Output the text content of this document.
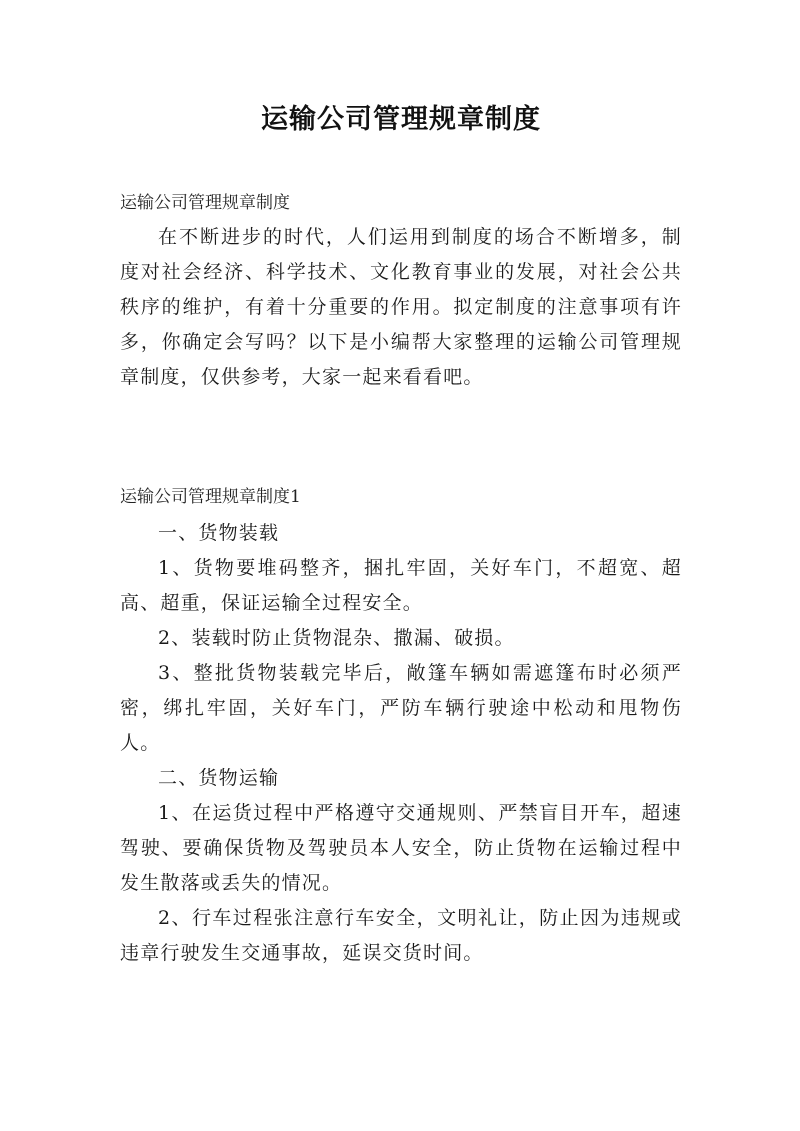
运输公司管理规章制度
运输公司管理规章制度

在不断进步的时代，人们运用到制度的场合不断增多，制度对社会经济、科学技术、文化教育事业的发展，对社会公共秩序的维护，有着十分重要的作用。拟定制度的注意事项有许多，你确定会写吗？以下是小编帮大家整理的运输公司管理规章制度，仅供参考，大家一起来看看吧。

运输公司管理规章制度1

一、货物装载

1、货物要堆码整齐，捆扎牢固，关好车门，不超宽、超高、超重，保证运输全过程安全。

2、装载时防止货物混杂、撒漏、破损。

3、整批货物装载完毕后，敞篷车辆如需遮篷布时必须严密，绑扎牢固，关好车门，严防车辆行驶途中松动和甩物伤人。

二、货物运输

1、在运货过程中严格遵守交通规则、严禁盲目开车，超速驾驶、要确保货物及驾驶员本人安全，防止货物在运输过程中发生散落或丢失的情况。

2、行车过程张注意行车安全，文明礼让，防止因为违规或违章行驶发生交通事故，延误交货时间。
